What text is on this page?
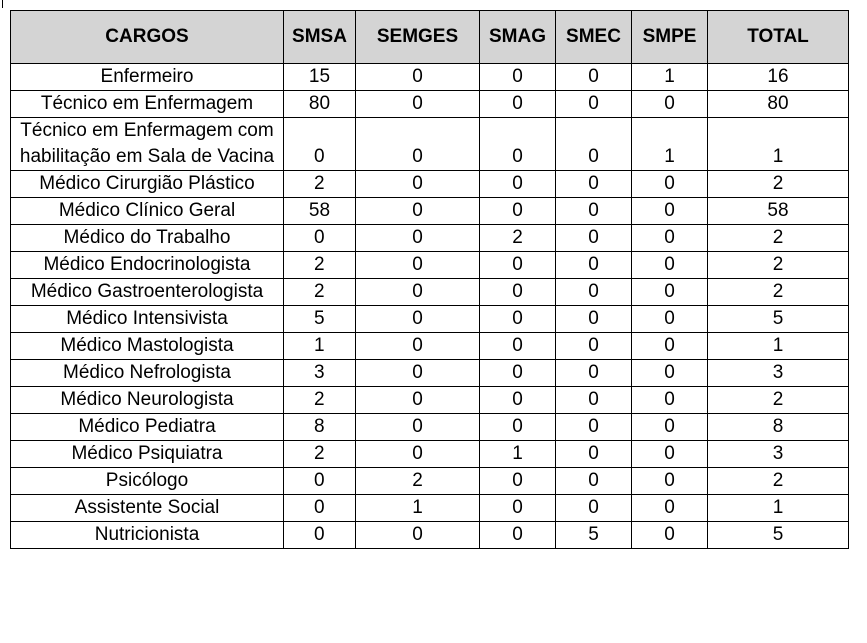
CARGOS	SMSA	SEMGES	SMAG	SMEC	SMPE	TOTAL
Enfermeiro	15	0	0	0	1	16
Técnico em Enfermagem	80	0	0	0	0	80
Técnico em Enfermagem com habilitação em Sala de Vacina	0	0	0	0	1	1
Médico Cirurgião Plástico	2	0	0	0	0	2
Médico Clínico Geral	58	0	0	0	0	58
Médico do Trabalho	0	0	2	0	0	2
Médico Endocrinologista	2	0	0	0	0	2
Médico Gastroenterologista	2	0	0	0	0	2
Médico Intensivista	5	0	0	0	0	5
Médico Mastologista	1	0	0	0	0	1
Médico Nefrologista	3	0	0	0	0	3
Médico Neurologista	2	0	0	0	0	2
Médico Pediatra	8	0	0	0	0	8
Médico Psiquiatra	2	0	1	0	0	3
Psicólogo	0	2	0	0	0	2
Assistente Social	0	1	0	0	0	1
Nutricionista	0	0	0	5	0	5
